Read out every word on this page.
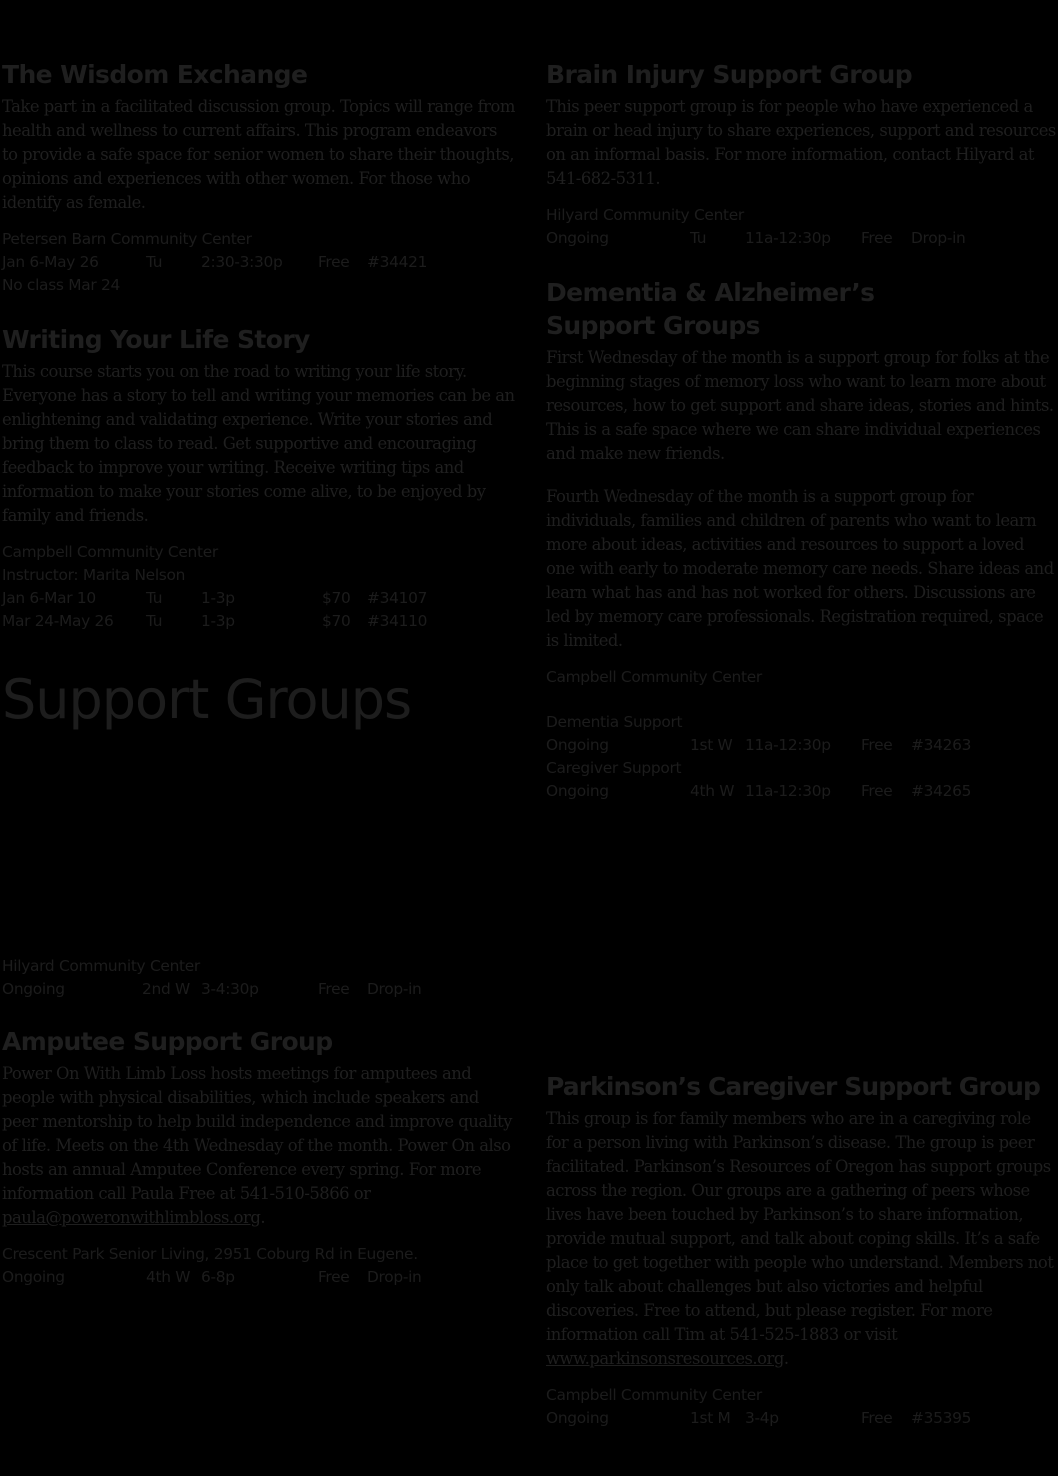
The Wisdom Exchange

Take part in a facilitated discussion group. Topics will range from health and wellness to current affairs. This program endeavors to provide a safe space for senior women to share their thoughts, opinions and experiences with other women. For those who identify as female.

Petersen Barn Community Center
Jan 6-May 26	Tu	2:30-3:30p Free #34421
No class Mar 24
Writing Your Life Story

This course starts you on the road to writing your life story. Everyone has a story to tell and writing your memories can be an enlightening and validating experience. Write your stories and bring them to class to read. Get supportive and encouraging feedback to improve your writing. Receive writing tips and information to make your stories come alive, to be enjoyed by family and friends.

Campbell Community Center
Instructor: Marita Nelson
Jan 6-Mar 10	Tu	1-3p	$70 #34107
Mar 24-May 26 Tu	1-3p	$70 #34110
Hilyard Community Center
Ongoing	2nd W 3-4:30p	Free Drop-in
Amputee Support Group

Power On With Limb Loss hosts meetings for amputees and people with physical disabilities, which include speakers and peer mentorship to help build independence and improve quality of life. Meets on the 4th Wednesday of the month. Power On also hosts an annual Amputee Conference every spring. For more information call Paula Free at 541-510-5866 or paula@poweronwithlimbloss.org.

Crescent Park Senior Living, 2951 Coburg Rd in Eugene.
Ongoing	4th W 6-8p	Free Drop-in
Support Groups
Brain Injury Support Group

This peer support group is for people who have experienced a brain or head injury to share experiences, support and resources on an informal basis. For more information, contact Hilyard at 541-682-5311.

Hilyard Community Center
Ongoing	Tu	11a-12:30p Free Drop-in
Dementia & Alzheimer’s
Support Groups

First Wednesday of the month is a support group for folks at the beginning stages of memory loss who want to learn more about resources, how to get support and share ideas, stories and hints. This is a safe space where we can share individual experiences and make new friends.

Fourth Wednesday of the month is a support group for individuals, families and children of parents who want to learn more about ideas, activities and resources to support a loved one with early to moderate memory care needs. Share ideas and learn what has and has not worked for others. Discussions are led by memory care professionals. Registration required, space is limited.

Campbell Community Center
Dementia Support
Ongoing	1st W 11a-12:30p Free #34263
Caregiver Support
Ongoing	4th W 11a-12:30p Free #34265
Parkinson’s Caregiver Support Group

This group is for family members who are in a caregiving role for a person living with Parkinson’s disease. The group is peer facilitated. Parkinson’s Resources of Oregon has support groups across the region. Our groups are a gathering of peers whose lives have been touched by Parkinson’s to share information, provide mutual support, and talk about coping skills. It’s a safe place to get together with people who understand. Members not only talk about challenges but also victories and helpful discoveries. Free to attend, but please register. For more information call Tim at 541-525-1883 or visit www.parkinsonsresources.org.

Campbell Community Center
Ongoing	1st M 3-4p	Free #35395
